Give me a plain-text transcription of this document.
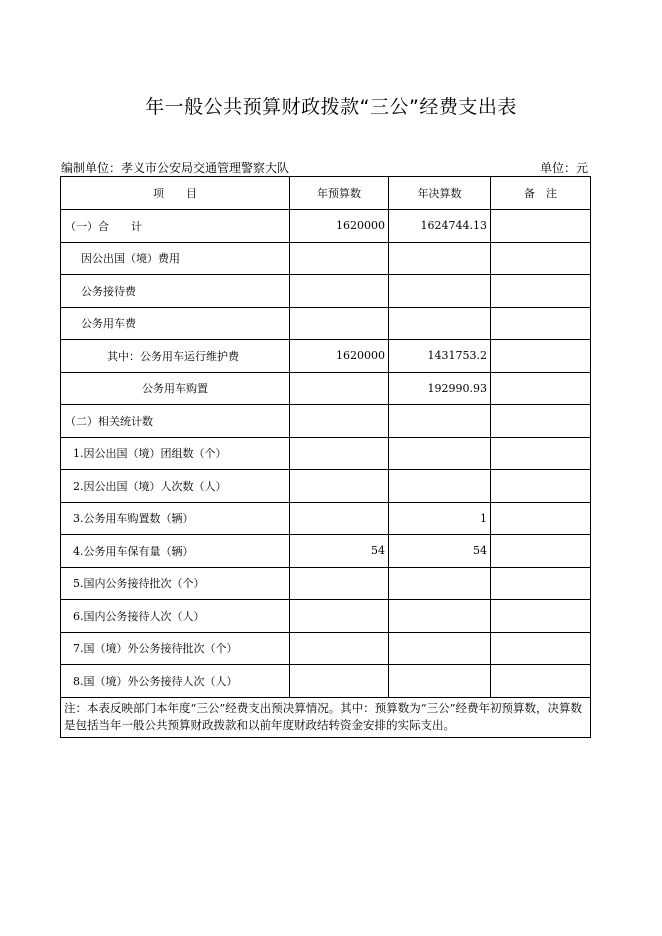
年一般公共预算财政拨款“三公”经费支出表
编制单位：孝义市公安局交通管理警察大队	单位：元
项　　目	年预算数	年决算数	备　注
（一）合　　计	1620000	1624744.13	
因公出国（境）费用			
公务接待费			
公务用车费			
其中：公务用车运行维护费	1620000	1431753.2	
公务用车购置		192990.93	
（二）相关统计数			
1.因公出国（境）团组数（个）			
2.因公出国（境）人次数（人）			
3.公务用车购置数（辆）		1	
4.公务用车保有量（辆）	54	54	
5.国内公务接待批次（个）			
6.国内公务接待人次（人）			
7.国（境）外公务接待批次（个）			
8.国（境）外公务接待人次（人）			
注：本表反映部门本年度“三公”经费支出预决算情况。其中：预算数为“三公”经费年初预算数，决算数是包括当年一般公共预算财政拨款和以前年度财政结转资金安排的实际支出。			
